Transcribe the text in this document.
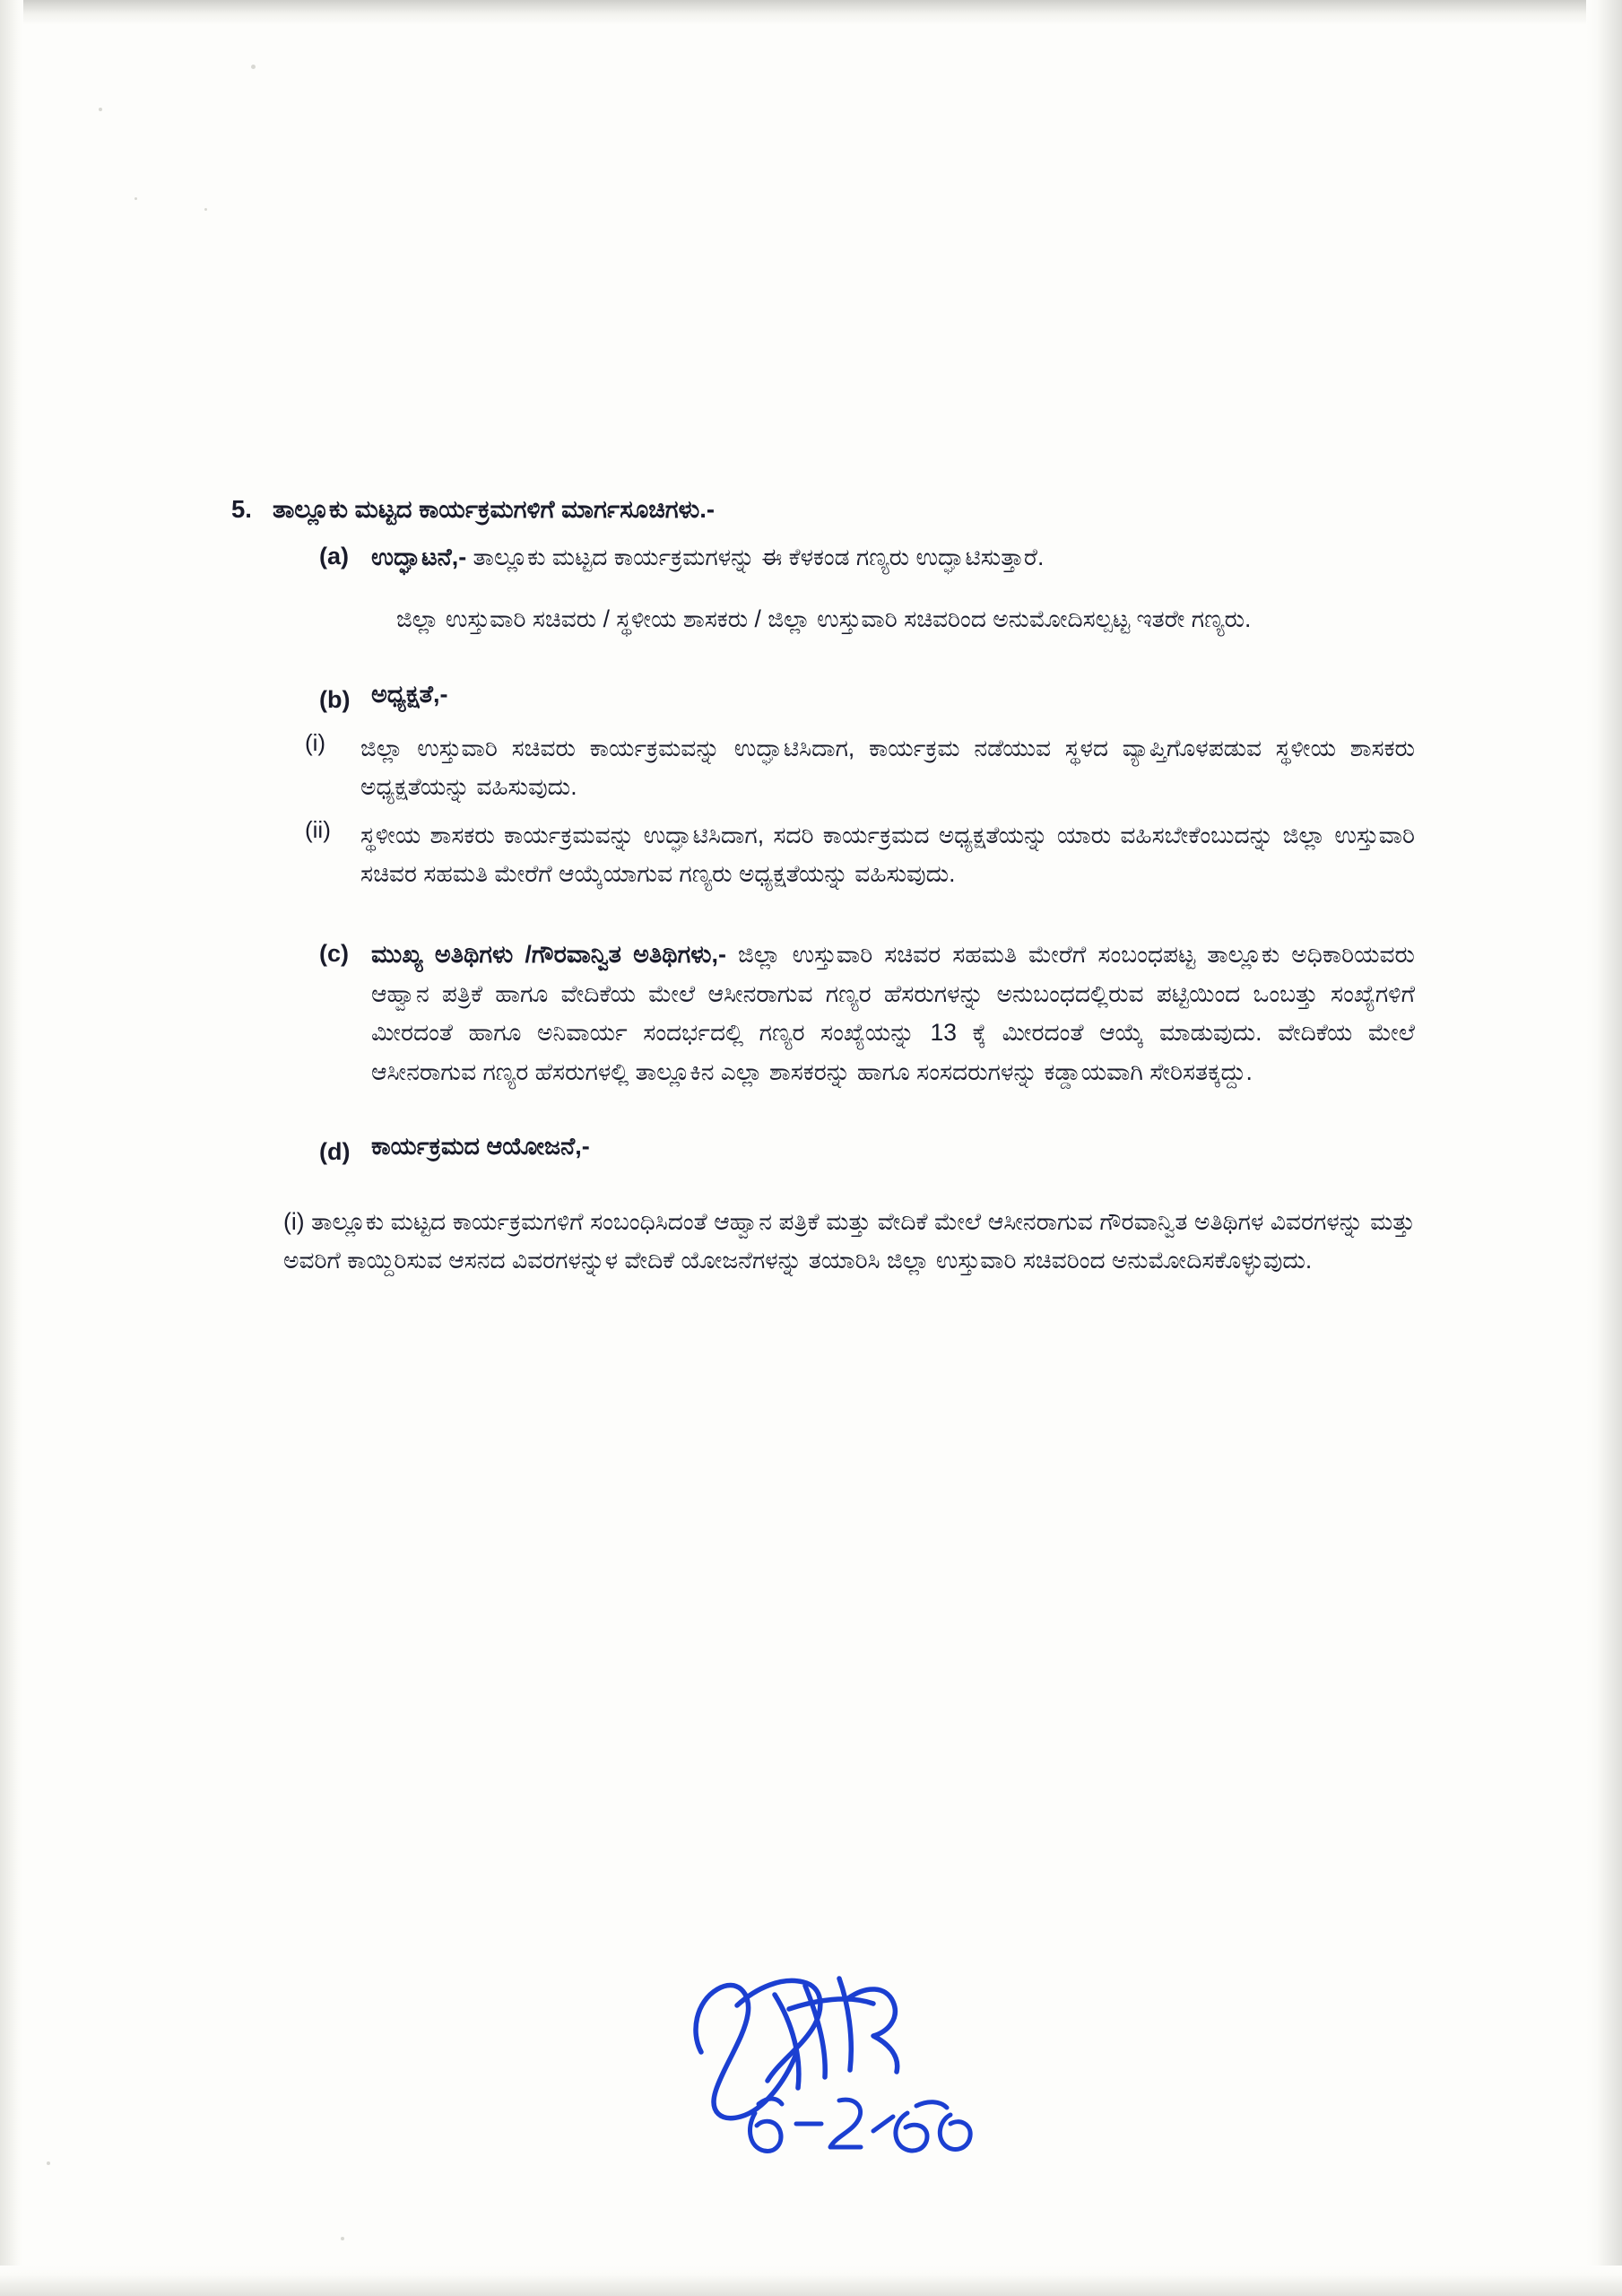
5. ತಾಲ್ಲೂಕು ಮಟ್ಟದ ಕಾರ್ಯಕ್ರಮಗಳಿಗೆ ಮಾರ್ಗಸೂಚಿಗಳು.-
(a) ಉದ್ಘಾಟನೆ,- ತಾಲ್ಲೂಕು ಮಟ್ಟದ ಕಾರ್ಯಕ್ರಮಗಳನ್ನು ಈ ಕೆಳಕಂಡ ಗಣ್ಯರು ಉದ್ಘಾಟಿಸುತ್ತಾರೆ.
ಜಿಲ್ಲಾ ಉಸ್ತುವಾರಿ ಸಚಿವರು / ಸ್ಥಳೀಯ ಶಾಸಕರು / ಜಿಲ್ಲಾ ಉಸ್ತುವಾರಿ ಸಚಿವರಿಂದ ಅನುಮೋದಿಸಲ್ಪಟ್ಟ ಇತರೇ ಗಣ್ಯರು.
(b) ಅಧ್ಯಕ್ಷತೆ,-
(i)	ಜಿಲ್ಲಾ ಉಸ್ತುವಾರಿ ಸಚಿವರು ಕಾರ್ಯಕ್ರಮವನ್ನು ಉದ್ಘಾಟಿಸಿದಾಗ, ಕಾರ್ಯಕ್ರಮ ನಡೆಯುವ ಸ್ಥಳದ ವ್ಯಾಪ್ತಿಗೊಳಪಡುವ ಸ್ಥಳೀಯ ಶಾಸಕರು ಅಧ್ಯಕ್ಷತೆಯನ್ನು ವಹಿಸುವುದು.
(ii)	ಸ್ಥಳೀಯ ಶಾಸಕರು ಕಾರ್ಯಕ್ರಮವನ್ನು ಉದ್ಘಾಟಿಸಿದಾಗ, ಸದರಿ ಕಾರ್ಯಕ್ರಮದ ಅಧ್ಯಕ್ಷತೆಯನ್ನು ಯಾರು ವಹಿಸಬೇಕೆಂಬುದನ್ನು ಜಿಲ್ಲಾ ಉಸ್ತುವಾರಿ ಸಚಿವರ ಸಹಮತಿ ಮೇರೆಗೆ ಆಯ್ಕೆಯಾಗುವ ಗಣ್ಯರು ಅಧ್ಯಕ್ಷತೆಯನ್ನು ವಹಿಸುವುದು.
(c) ಮುಖ್ಯ ಅತಿಥಿಗಳು /ಗೌರವಾನ್ವಿತ ಅತಿಥಿಗಳು,- ಜಿಲ್ಲಾ ಉಸ್ತುವಾರಿ ಸಚಿವರ ಸಹಮತಿ ಮೇರೆಗೆ ಸಂಬಂಧಪಟ್ಟ ತಾಲ್ಲೂಕು ಅಧಿಕಾರಿಯವರು ಆಹ್ವಾನ ಪತ್ರಿಕೆ ಹಾಗೂ ವೇದಿಕೆಯ ಮೇಲೆ ಆಸೀನರಾಗುವ ಗಣ್ಯರ ಹೆಸರುಗಳನ್ನು ಅನುಬಂಧದಲ್ಲಿರುವ ಪಟ್ಟಿಯಿಂದ ಒಂಬತ್ತು ಸಂಖ್ಯೆಗಳಿಗೆ ಮೀರದಂತೆ ಹಾಗೂ ಅನಿವಾರ್ಯ ಸಂದರ್ಭದಲ್ಲಿ ಗಣ್ಯರ ಸಂಖ್ಯೆಯನ್ನು 13 ಕ್ಕೆ ಮೀರದಂತೆ ಆಯ್ಕೆ ಮಾಡುವುದು. ವೇದಿಕೆಯ ಮೇಲೆ ಆಸೀನರಾಗುವ ಗಣ್ಯರ ಹೆಸರುಗಳಲ್ಲಿ ತಾಲ್ಲೂಕಿನ ಎಲ್ಲಾ ಶಾಸಕರನ್ನು ಹಾಗೂ ಸಂಸದರುಗಳನ್ನು ಕಡ್ಡಾಯವಾಗಿ ಸೇರಿಸತಕ್ಕದ್ದು.
(d) ಕಾರ್ಯಕ್ರಮದ ಆಯೋಜನೆ,-
(i) ತಾಲ್ಲೂಕು ಮಟ್ಟದ ಕಾರ್ಯಕ್ರಮಗಳಿಗೆ ಸಂಬಂಧಿಸಿದಂತೆ ಆಹ್ವಾನ ಪತ್ರಿಕೆ ಮತ್ತು ವೇದಿಕೆ ಮೇಲೆ ಆಸೀನರಾಗುವ ಗೌರವಾನ್ವಿತ ಅತಿಥಿಗಳ ವಿವರಗಳನ್ನು ಮತ್ತು ಅವರಿಗೆ ಕಾಯ್ದಿರಿಸುವ ಆಸನದ ವಿವರಗಳನ್ನುಳ ವೇದಿಕೆ ಯೋಜನೆಗಳನ್ನು ತಯಾರಿಸಿ ಜಿಲ್ಲಾ ಉಸ್ತುವಾರಿ ಸಚಿವರಿಂದ ಅನುಮೋದಿಸಕೊಳ್ಳುವುದು.
